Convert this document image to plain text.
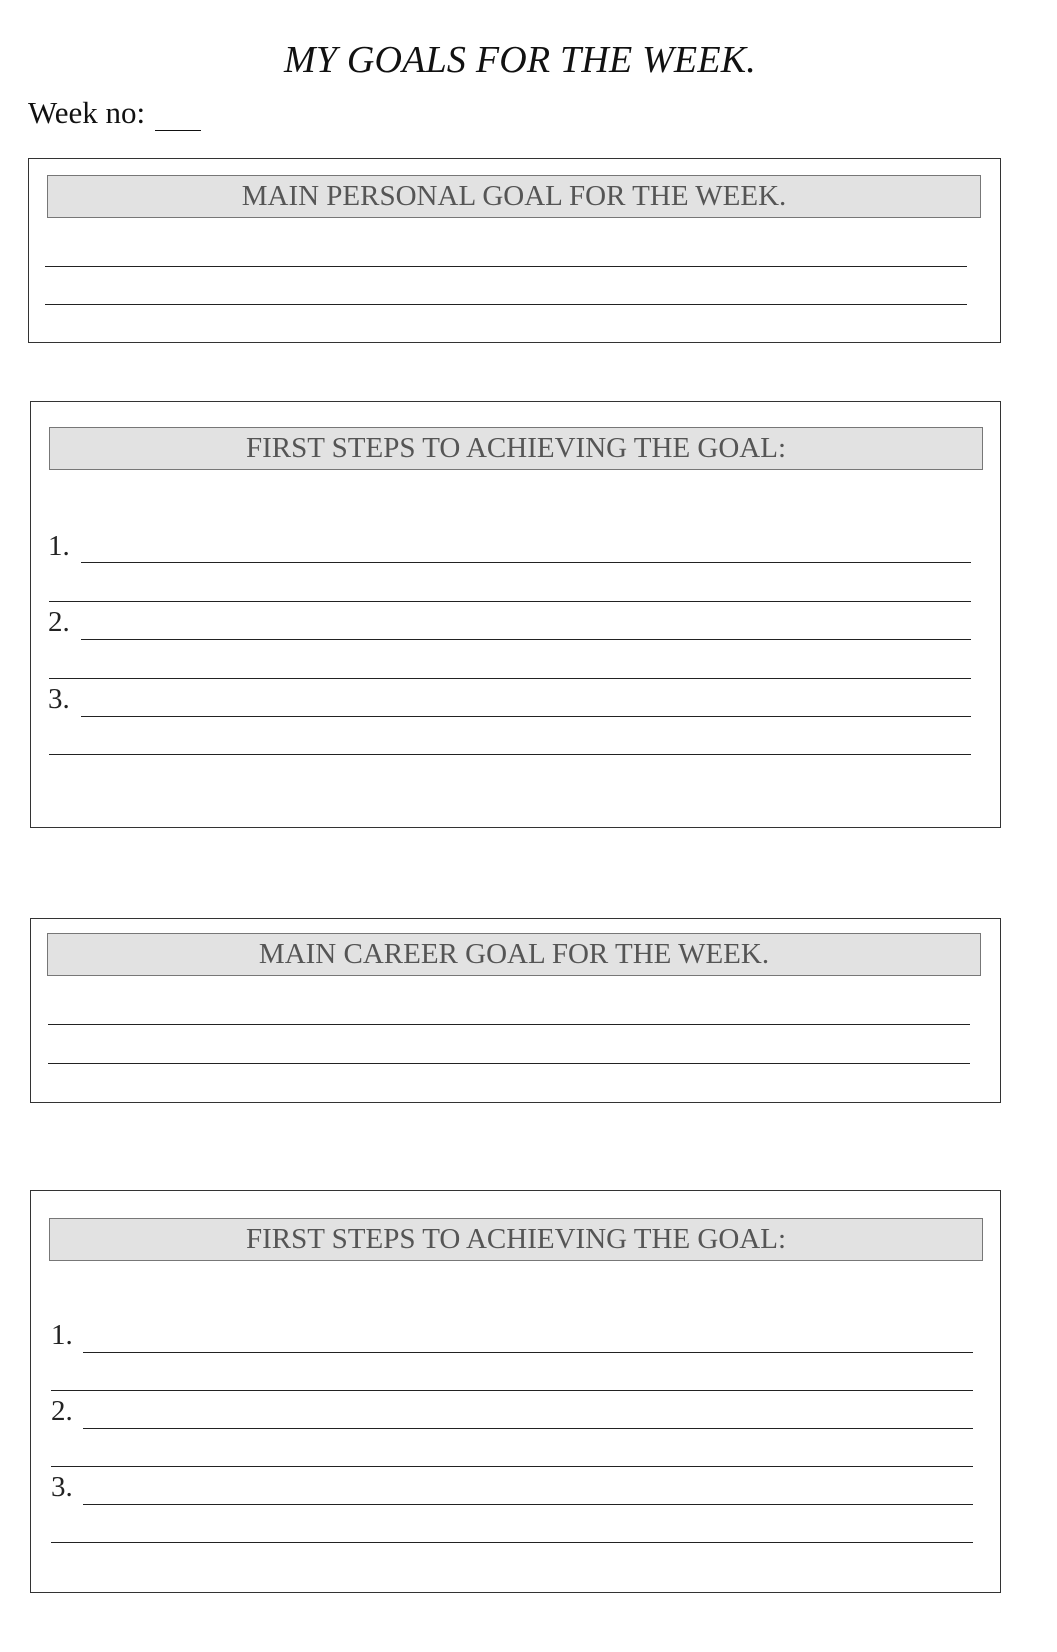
MY GOALS FOR THE WEEK.
Week no:
MAIN PERSONAL GOAL FOR THE WEEK.
FIRST STEPS TO ACHIEVING THE GOAL:
1.
2.
3.
MAIN CAREER GOAL FOR THE WEEK.
FIRST STEPS TO ACHIEVING THE GOAL:
1.
2.
3.
